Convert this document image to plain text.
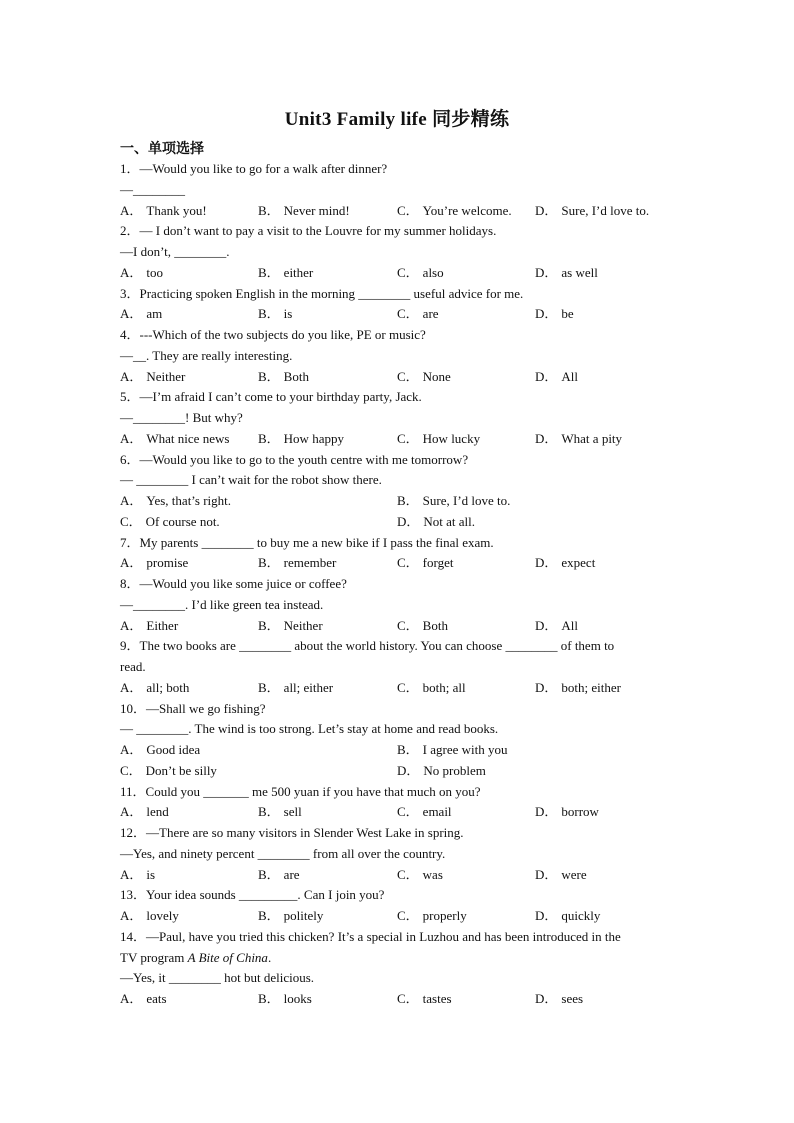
Unit3 Family life 同步精练
一、单项选择
1．—Would you like to go for a walk after dinner?
—________
A． Thank you!	B． Never mind!	C． You’re welcome. D． Sure, I’d love to.
2．— I don’t want to pay a visit to the Louvre for my summer holidays.
—I don’t, ________.
A． too	B． either	C． also	D． as well
3．Practicing spoken English in the morning ________ useful advice for me.
A． am	B． is	C． are	D． be
4．---Which of the two subjects do you like, PE or music?
—__. They are really interesting.
A． Neither	B． Both	C． None	D． All
5．—I’m afraid I can’t come to your birthday party, Jack.
—________! But why?
A． What nice news B． How happy	C． How lucky	D． What a pity
6．—Would you like to go to the youth centre with me tomorrow?
— ________ I can’t wait for the robot show there.
A． Yes, that’s right.	B． Sure, I’d love to.
C． Of course not.	D． Not at all.
7．My parents ________ to buy me a new bike if I pass the final exam.
A． promise	B． remember	C． forget	D． expect
8．—Would you like some juice or coffee?
—________. I’d like green tea instead.
A． Either	B． Neither	C． Both	D． All
9．The two books are ________ about the world history. You can choose ________ of them to
read.
A． all; both	B． all; either	C． both; all	D． both; either
10．—Shall we go fishing?
— ________. The wind is too strong. Let’s stay at home and read books.
A． Good idea	B． I agree with you
C． Don’t be silly	D． No problem
11．Could you _______ me 500 yuan if you have that much on you?
A． lend	B． sell	C． email	D． borrow
12．—There are so many visitors in Slender West Lake in spring.
—Yes, and ninety percent ________ from all over the country.
A． is	B． are	C． was	D． were
13．Your idea sounds _________. Can I join you?
A． lovely	B． politely	C． properly	D． quickly
14．—Paul, have you tried this chicken? It’s a special in Luzhou and has been introduced in the
TV program A Bite of China.
—Yes, it ________ hot but delicious.
A． eats	B． looks	C． tastes	D． sees
